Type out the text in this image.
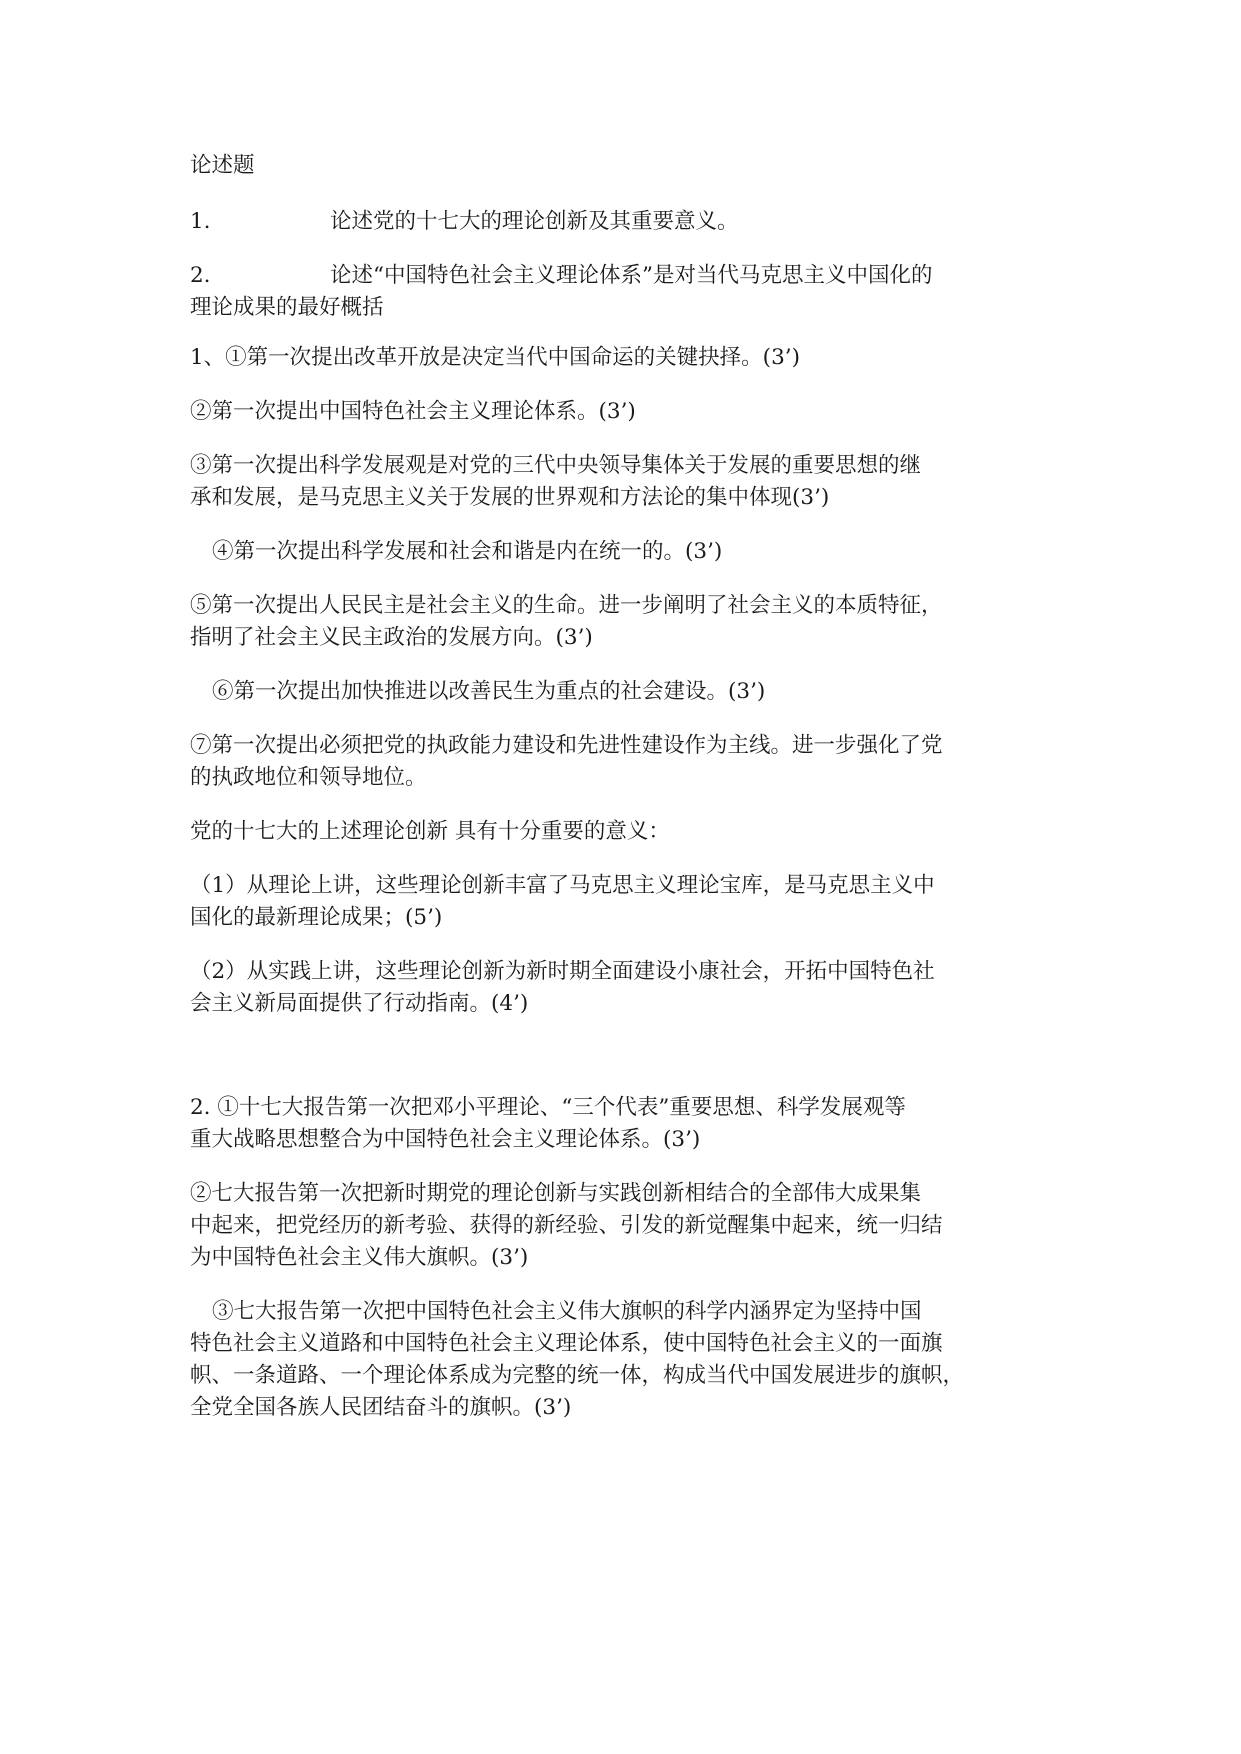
论述题
1.	论述党的十七大的理论创新及其重要意义。
2.	论述“中国特色社会主义理论体系”是对当代马克思主义中国化的
理论成果的最好概括
1、①第一次提出改革开放是决定当代中国命运的关键抉择。(3’)
②第一次提出中国特色社会主义理论体系。(3’)
③第一次提出科学发展观是对党的三代中央领导集体关于发展的重要思想的继
承和发展，是马克思主义关于发展的世界观和方法论的集中体现(3’)
④第一次提出科学发展和社会和谐是内在统一的。(3’)
⑤第一次提出人民民主是社会主义的生命。进一步阐明了社会主义的本质特征，
指明了社会主义民主政治的发展方向。(3’)
⑥第一次提出加快推进以改善民生为重点的社会建设。(3’)
⑦第一次提出必须把党的执政能力建设和先进性建设作为主线。进一步强化了党
的执政地位和领导地位。
党的十七大的上述理论创新 具有十分重要的意义：
（1）从理论上讲，这些理论创新丰富了马克思主义理论宝库，是马克思主义中
国化的最新理论成果；(5’)
（2）从实践上讲，这些理论创新为新时期全面建设小康社会，开拓中国特色社
会主义新局面提供了行动指南。(4’)
2. ①十七大报告第一次把邓小平理论、“三个代表”重要思想、科学发展观等
重大战略思想整合为中国特色社会主义理论体系。(3’)
②七大报告第一次把新时期党的理论创新与实践创新相结合的全部伟大成果集
中起来，把党经历的新考验、获得的新经验、引发的新觉醒集中起来，统一归结
为中国特色社会主义伟大旗帜。(3’)
③七大报告第一次把中国特色社会主义伟大旗帜的科学内涵界定为坚持中国
特色社会主义道路和中国特色社会主义理论体系，使中国特色社会主义的一面旗
帜、一条道路、一个理论体系成为完整的统一体，构成当代中国发展进步的旗帜，
全党全国各族人民团结奋斗的旗帜。(3’)
